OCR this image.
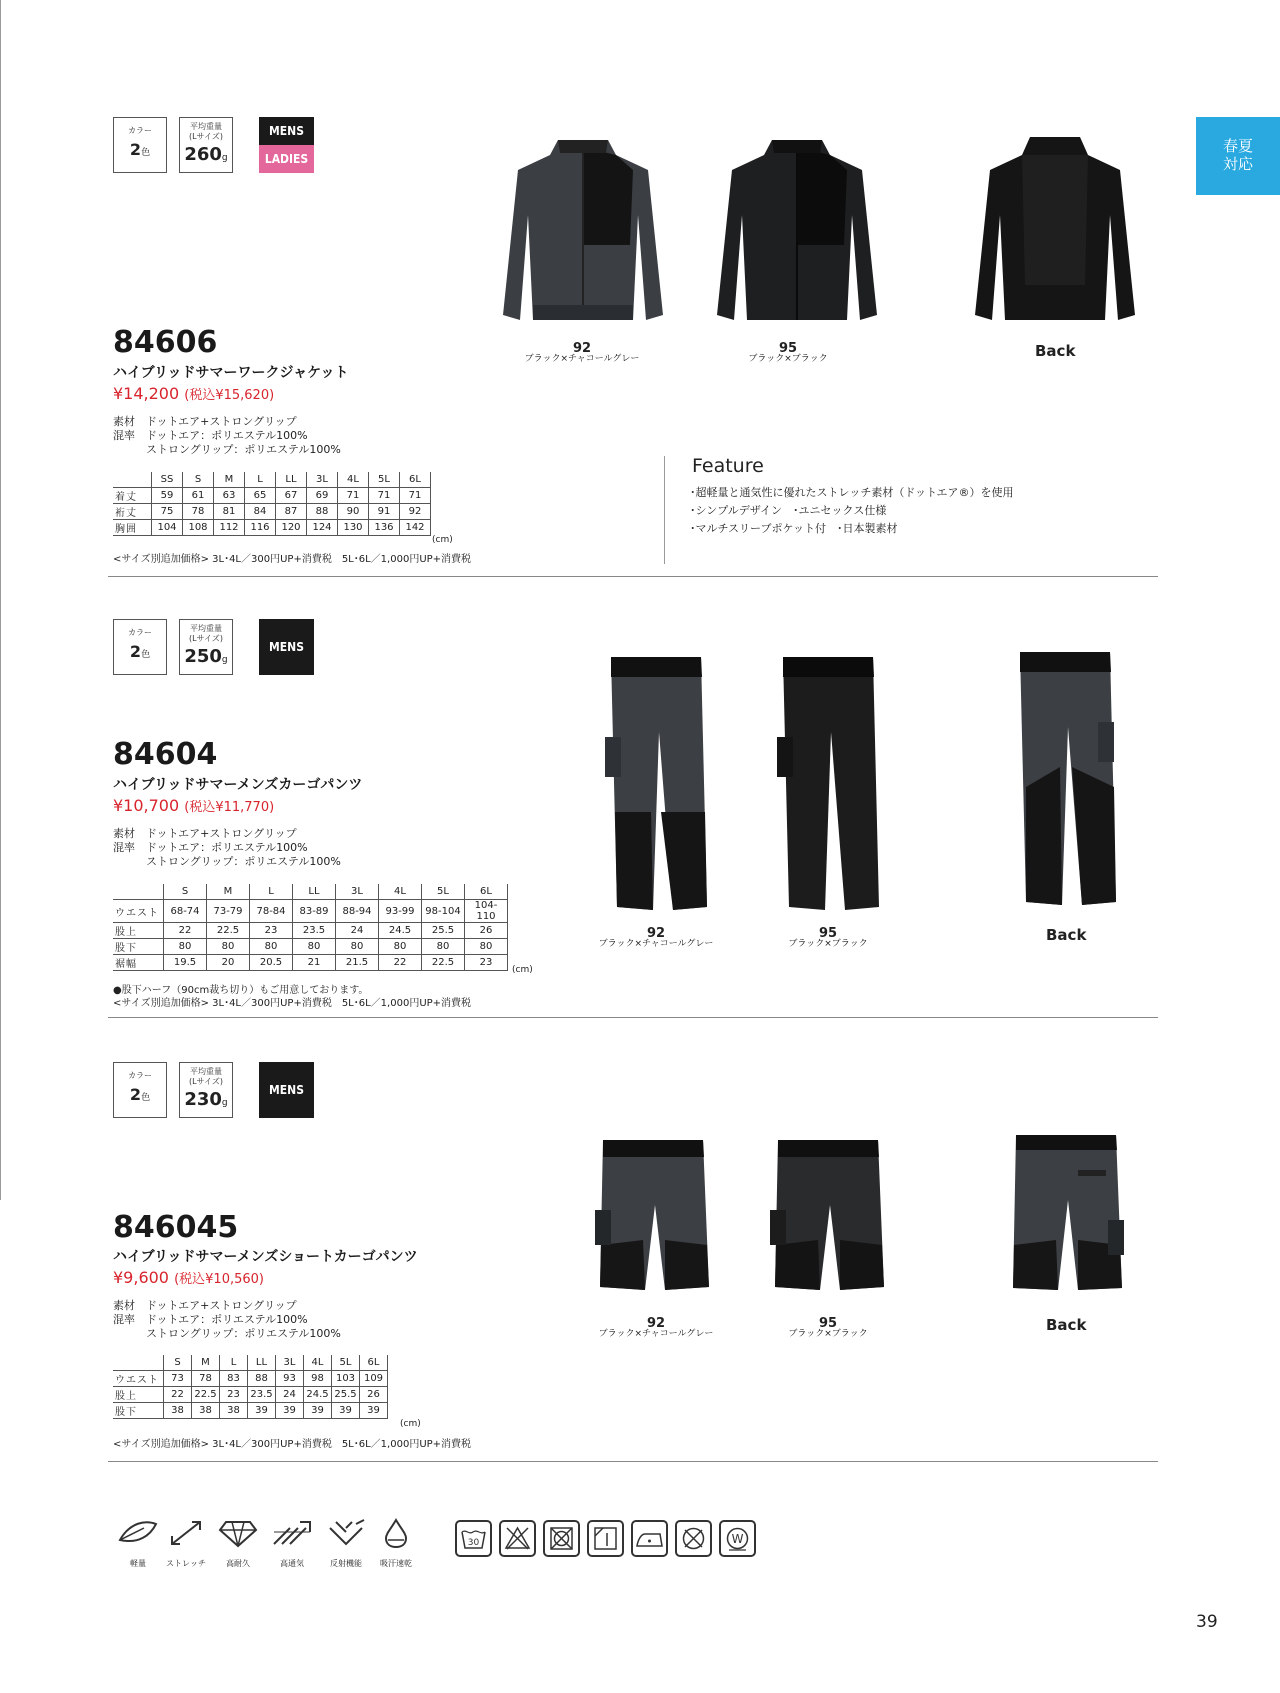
春夏
対応
カラー
2色
平均重量
(Lサイズ)
260g
MENS
LADIES
84606
ハイブリッドサマーワークジャケット
¥14,200 (税込¥15,620)
素材　ドットエア+ストロングリップ
混率　ドットエア：ポリエステル100%
　　　ストロングリップ：ポリエステル100%
	SS	S	M	L	LL	3L	4L	5L	6L
着丈	59	61	63	65	67	69	71	71	71
裄丈	75	78	81	84	87	88	90	91	92
胸囲	104	108	112	116	120	124	130	136	142
(cm)
<サイズ別追加価格> 3L･4L／300円UP+消費税　5L･6L／1,000円UP+消費税
92
ブラック×チャコールグレー
95
ブラック×ブラック	Back
Feature
･超軽量と通気性に優れたストレッチ素材（ドットエア®）を使用
･シンプルデザイン　･ユニセックス仕様
･マルチスリーブポケット付　･日本製素材
カラー
2色
平均重量
(Lサイズ)
250g
MENS
84604
ハイブリッドサマーメンズカーゴパンツ
¥10,700 (税込¥11,770)
素材　ドットエア+ストロングリップ
混率　ドットエア：ポリエステル100%
　　　ストロングリップ：ポリエステル100%
	S	M	L	LL	3L	4L	5L	6L
ウエスト	68-74	73-79	78-84	83-89	88-94	93-99	98-104	104-110
股上	22	22.5	23	23.5	24	24.5	25.5	26
股下	80	80	80	80	80	80	80	80
裾幅	19.5	20	20.5	21	21.5	22	22.5	23
(cm)
●股下ハーフ（90cm裁ち切り）もご用意しております。
<サイズ別追加価格> 3L･4L／300円UP+消費税　5L･6L／1,000円UP+消費税
92
ブラック×チャコールグレー
95
ブラック×ブラック	Back
カラー
2色
平均重量
(Lサイズ)
230g
MENS
846045
ハイブリッドサマーメンズショートカーゴパンツ
¥9,600 (税込¥10,560)
素材　ドットエア+ストロングリップ
混率　ドットエア：ポリエステル100%
　　　ストロングリップ：ポリエステル100%
	S	M	L	LL	3L	4L	5L	6L
ウエスト	73	78	83	88	93	98	103	109
股上	22	22.5	23	23.5	24	24.5	25.5	26
股下	38	38	38	39	39	39	39	39
(cm)
<サイズ別追加価格> 3L･4L／300円UP+消費税　5L･6L／1,000円UP+消費税
92
ブラック×チャコールグレー
95
ブラック×ブラック	Back
軽量	ストレッチ	高耐久	高通気	反射機能	吸汗速乾
30	W
39
